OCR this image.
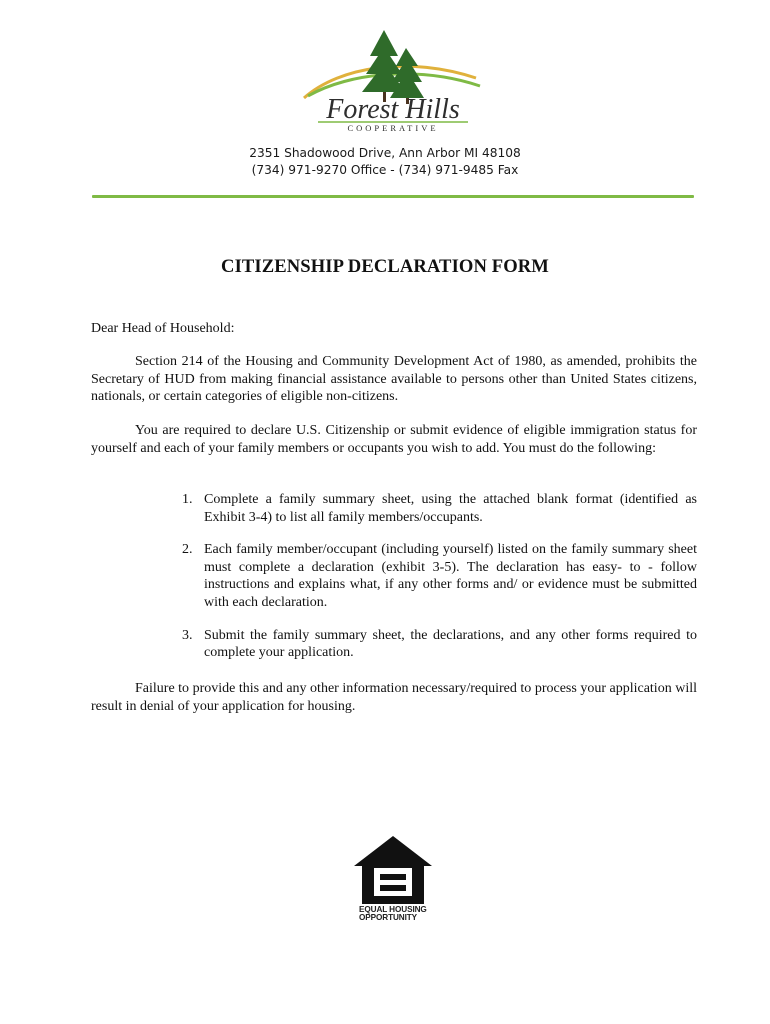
Forest Hills
COOPERATIVE
2351 Shadowood Drive, Ann Arbor MI 48108
(734) 971-9270 Office - (734) 971-9485 Fax
CITIZENSHIP DECLARATION FORM
Dear Head of Household:
Section 214 of the Housing and Community Development Act of 1980, as amended, prohibits the Secretary of HUD from making financial assistance available to persons other than United States citizens, nationals, or certain categories of eligible non-citizens.
You are required to declare U.S. Citizenship or submit evidence of eligible immigration status for yourself and each of your family members or occupants you wish to add. You must do the following:
1. Complete a family summary sheet, using the attached blank format (identified as Exhibit 3-4) to list all family members/occupants.
2. Each family member/occupant (including yourself) listed on the family summary sheet must complete a declaration (exhibit 3-5). The declaration has easy- to - follow instructions and explains what, if any other forms and/ or evidence must be submitted with each declaration.
3. Submit the family summary sheet, the declarations, and any other forms required to complete your application.
Failure to provide this and any other information necessary/required to process your application will result in denial of your application for housing.
EQUAL HOUSING
OPPORTUNITY
